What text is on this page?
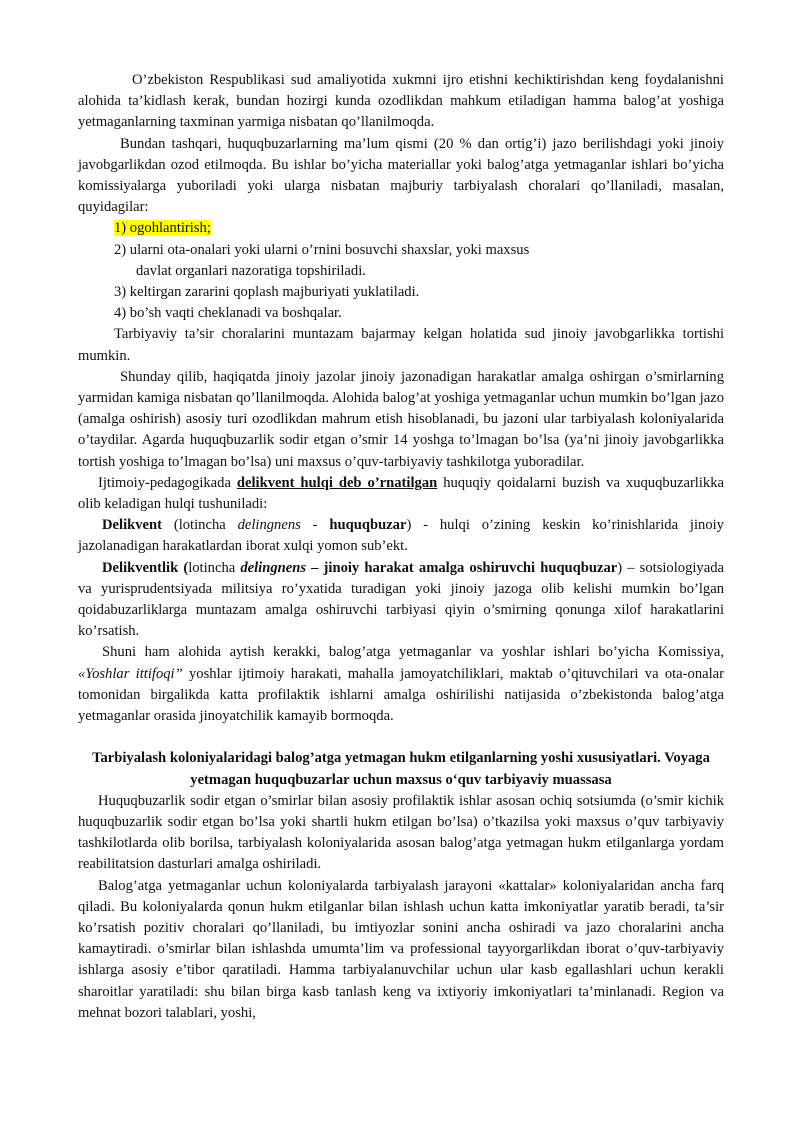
O’zbekiston Respublikasi sud amaliyotida xukmni ijro etishni kechiktirishdan keng foydalanishni alohida ta’kidlash kerak, bundan hozirgi kunda ozodlikdan mahkum etiladigan hamma balog’at yoshiga yetmaganlarning taxminan yarmiga nisbatan qo’llanilmoqda.

Bundan tashqari, huquqbuzarlarning ma’lum qismi (20 % dan ortig’i) jazo berilishdagi yoki jinoiy javobgarlikdan ozod etilmoqda. Bu ishlar bo’yicha materiallar yoki balog’atga yetmaganlar ishlari bo’yicha komissiyalarga yuboriladi yoki ularga nisbatan majburiy tarbiyalash choralari qo’llaniladi, masalan, quyidagilar:

1) ogohlantirish;

2) ularni ota-onalari yoki ularni o’rnini bosuvchi shaxslar, yoki maxsus

davlat organlari nazoratiga topshiriladi.

3) keltirgan zararini qoplash majburiyati yuklatiladi.

4) bo’sh vaqti cheklanadi va boshqalar.

Tarbiyaviy ta’sir choralarini muntazam bajarmay kelgan holatida sud jinoiy javobgarlikka tortishi mumkin.

Shunday qilib, haqiqatda jinoiy jazolar jinoiy jazonadigan harakatlar amalga oshirgan o’smirlarning yarmidan kamiga nisbatan qo’llanilmoqda. Alohida balog’at yoshiga yetmaganlar uchun mumkin bo’lgan jazo (amalga oshirish) asosiy turi ozodlikdan mahrum etish hisoblanadi, bu jazoni ular tarbiyalash koloniyalarida o’taydilar. Agarda huquqbuzarlik sodir etgan o’smir 14 yoshga to’lmagan bo’lsa (ya’ni jinoiy javobgarlikka tortish yoshiga to’lmagan bo’lsa) uni maxsus o’quv-tarbiyaviy tashkilotga yuboradilar.

Ijtimoiy-pedagogikada delikvent hulqi deb o’rnatilgan huquqiy qoidalarni buzish va xuquqbuzarlikka olib keladigan hulqi tushuniladi:

Delikvent (lotincha delingnens - huquqbuzar) - hulqi o’zining keskin ko’rinishlarida jinoiy jazolanadigan harakatlardan iborat xulqi yomon sub’ekt.

Delikventlik (lotincha delingnens – jinoiy harakat amalga oshiruvchi huquqbuzar) – sotsiologiyada va yurisprudentsiyada militsiya ro’yxatida turadigan yoki jinoiy jazoga olib kelishi mumkin bo’lgan qoidabuzarliklarga muntazam amalga oshiruvchi tarbiyasi qiyin o’smirning qonunga xilof harakatlarini ko’rsatish.

Shuni ham alohida aytish kerakki, balog’atga yetmaganlar va yoshlar ishlari bo’yicha Komissiya, «Yoshlar ittifoqi” yoshlar ijtimoiy harakati, mahalla jamoyatchiliklari, maktab o’qituvchilari va ota-onalar tomonidan birgalikda katta profilaktik ishlarni amalga oshirilishi natijasida o’zbekistonda balog’atga yetmaganlar orasida jinoyatchilik kamayib bormoqda.

Tarbiyalash koloniyalaridagi balog’atga yetmagan hukm etilganlarning yoshi xususiyatlari. Voyaga yetmagan huquqbuzarlar uchun maxsus o‘quv tarbiyaviy muassasa

Huquqbuzarlik sodir etgan o’smirlar bilan asosiy profilaktik ishlar asosan ochiq sotsiumda (o’smir kichik huquqbuzarlik sodir etgan bo’lsa yoki shartli hukm etilgan bo’lsa) o’tkazilsa yoki maxsus o’quv tarbiyaviy tashkilotlarda olib borilsa, tarbiyalash koloniyalarida asosan balog’atga yetmagan hukm etilganlarga yordam reabilitatsion dasturlari amalga oshiriladi.

Balog’atga yetmaganlar uchun koloniyalarda tarbiyalash jarayoni «kattalar» koloniyalaridan ancha farq qiladi. Bu koloniyalarda qonun hukm etilganlar bilan ishlash uchun katta imkoniyatlar yaratib beradi, ta’sir ko’rsatish pozitiv choralari qo’llaniladi, bu imtiyozlar sonini ancha oshiradi va jazo choralarini ancha kamaytiradi. o’smirlar bilan ishlashda umumta’lim va professional tayyorgarlikdan iborat o’quv-tarbiyaviy ishlarga asosiy e’tibor qaratiladi. Hamma tarbiyalanuvchilar uchun ular kasb egallashlari uchun kerakli sharoitlar yaratiladi: shu bilan birga kasb tanlash keng va ixtiyoriy imkoniyatlari ta’minlanadi. Region va mehnat bozori talablari, yoshi,
